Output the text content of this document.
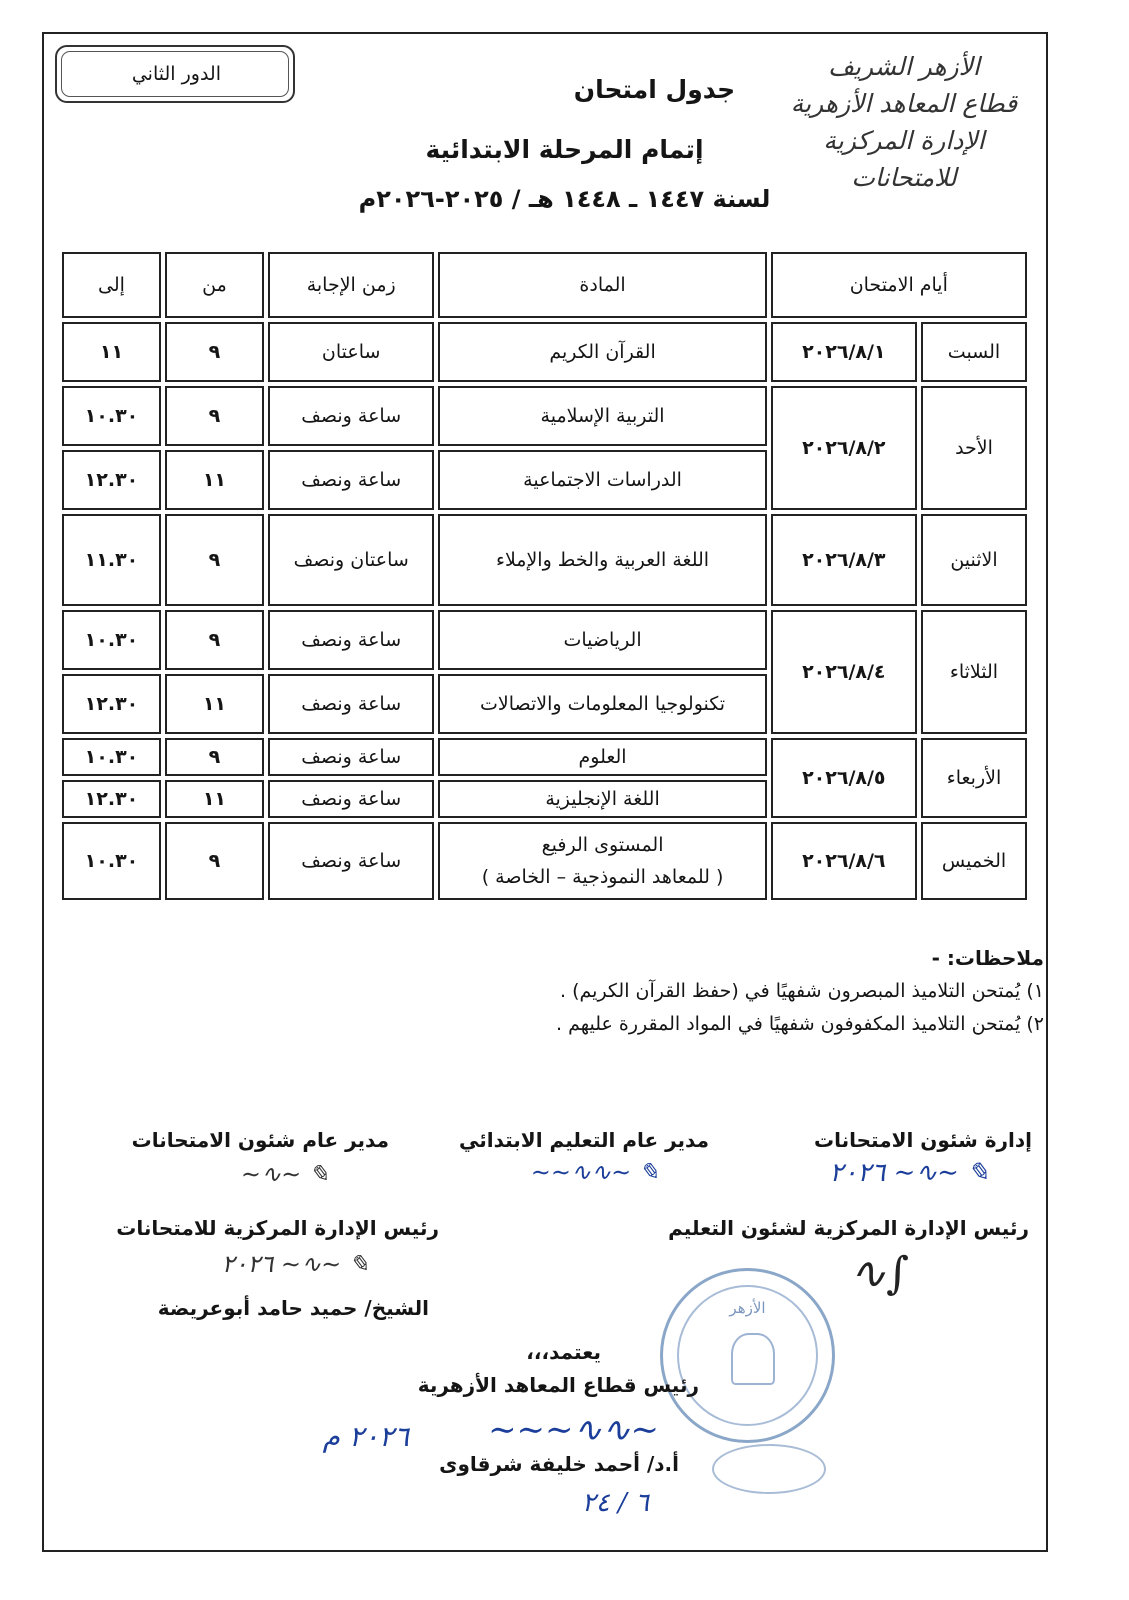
الدور الثاني	الأزهر الشريف
قطاع المعاهد الأزهرية
الإدارة المركزية للامتحانات
جدول امتحان
إتمام المرحلة الابتدائية
لسنة ١٤٤٧ ـ ١٤٤٨ هـ / ٢٠٢٥-٢٠٢٦م
أيام الامتحان		المادة	زمن الإجابة	من	إلى
السبت	٢٠٢٦/٨/١	القرآن الكريم	ساعتان	٩	١١
الأحد	٢٠٢٦/٨/٢	التربية الإسلامية	ساعة ونصف	٩	١٠.٣٠
		الدراسات الاجتماعية	ساعة ونصف	١١	١٢.٣٠
الاثنين	٢٠٢٦/٨/٣	اللغة العربية والخط والإملاء	ساعتان ونصف	٩	١١.٣٠
الثلاثاء	٢٠٢٦/٨/٤	الرياضيات	ساعة ونصف	٩	١٠.٣٠
		تكنولوجيا المعلومات والاتصالات	ساعة ونصف	١١	١٢.٣٠
الأربعاء	٢٠٢٦/٨/٥	العلوم	ساعة ونصف	٩	١٠.٣٠
		اللغة الإنجليزية	ساعة ونصف	١١	١٢.٣٠
الخميس	٢٠٢٦/٨/٦	المستوى الرفيع
( للمعاهد النموذجية – الخاصة )	ساعة ونصف	٩	١٠.٣٠
ملاحظات: -
١) يُمتحن التلاميذ المبصرون شفهيًا في (حفظ القرآن الكريم) .
٢) يُمتحن التلاميذ المكفوفون شفهيًا في المواد المقررة عليهم .
إدارة شئون الامتحانات
مدير عام التعليم الابتدائي
مدير عام شئون الامتحانات
✎ ∽∿∽ ٢٠٢٦
✎ ∽∿∿∽∽
✎ ∽∿∽
رئيس الإدارة المركزية لشئون التعليم
رئيس الإدارة المركزية للامتحانات
∫∿
✎ ∽∿∽ ٢٠٢٦
الشيخ/ حميد حامد أبوعريضة	الأزهر
يعتمد،،،
رئيس قطاع المعاهد الأزهرية
∽∿∿∽∽∽
٢٠٢٦ م
أ.د/ أحمد خليفة شرقاوى
٦ / ٢٤
